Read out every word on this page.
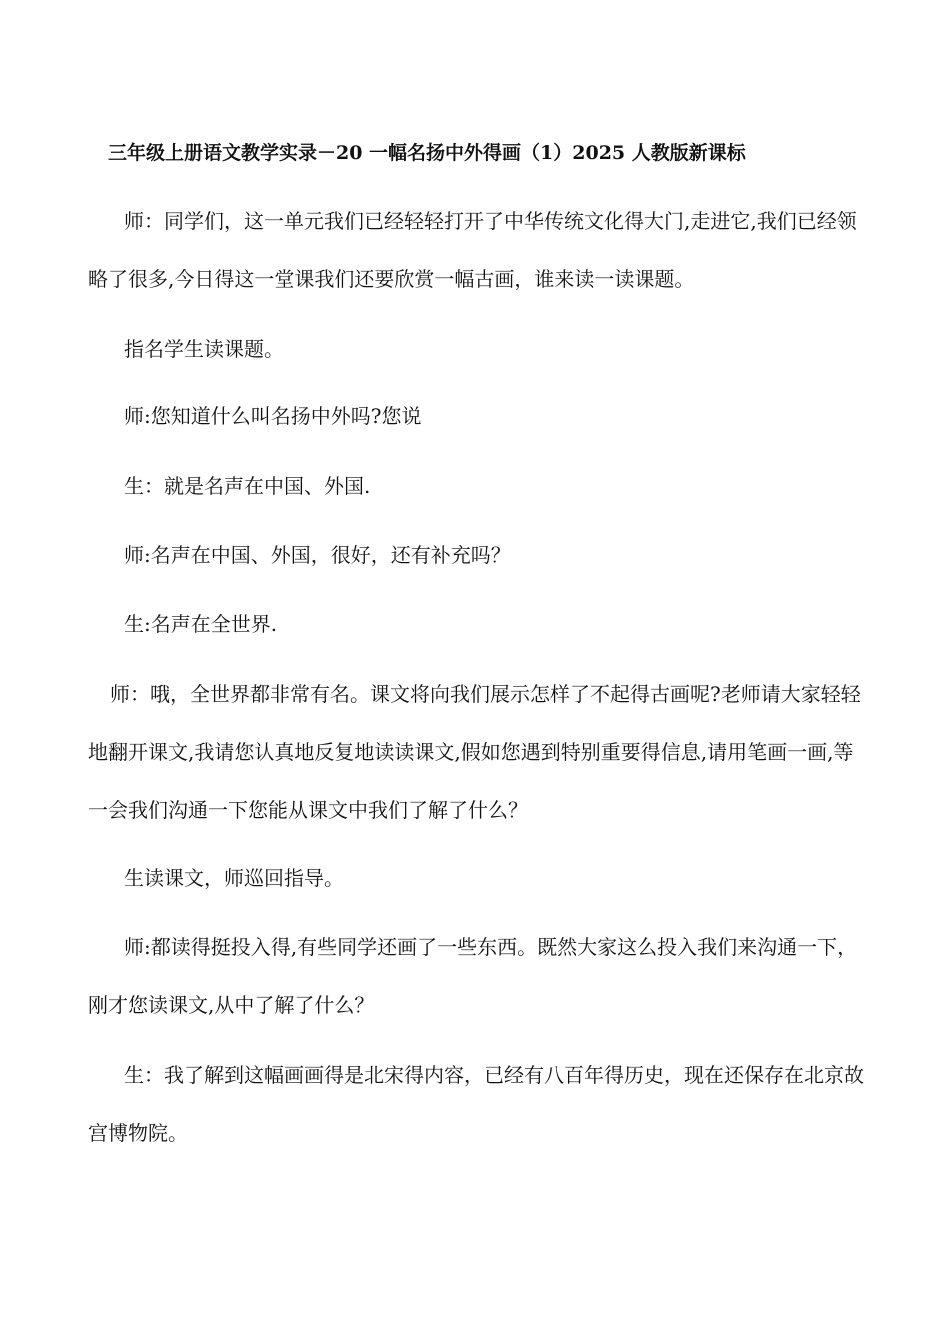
三年级上册语文教学实录－20 一幅名扬中外得画（1）2025 人教版新课标

师：同学们，这一单元我们已经轻轻打开了中华传统文化得大门,走进它,我们已经领略了很多,今日得这一堂课我们还要欣赏一幅古画，谁来读一读课题。

指名学生读课题。

师:您知道什么叫名扬中外吗?您说

生：就是名声在中国、外国.

师:名声在中国、外国，很好，还有补充吗？

生:名声在全世界.

师：哦，全世界都非常有名。课文将向我们展示怎样了不起得古画呢?老师请大家轻轻地翻开课文,我请您认真地反复地读读课文,假如您遇到特别重要得信息,请用笔画一画,等一会我们沟通一下您能从课文中我们了解了什么？

生读课文，师巡回指导。

师:都读得挺投入得,有些同学还画了一些东西。既然大家这么投入我们来沟通一下，刚才您读课文,从中了解了什么？

生：我了解到这幅画画得是北宋得内容，已经有八百年得历史，现在还保存在北京故宫博物院。
